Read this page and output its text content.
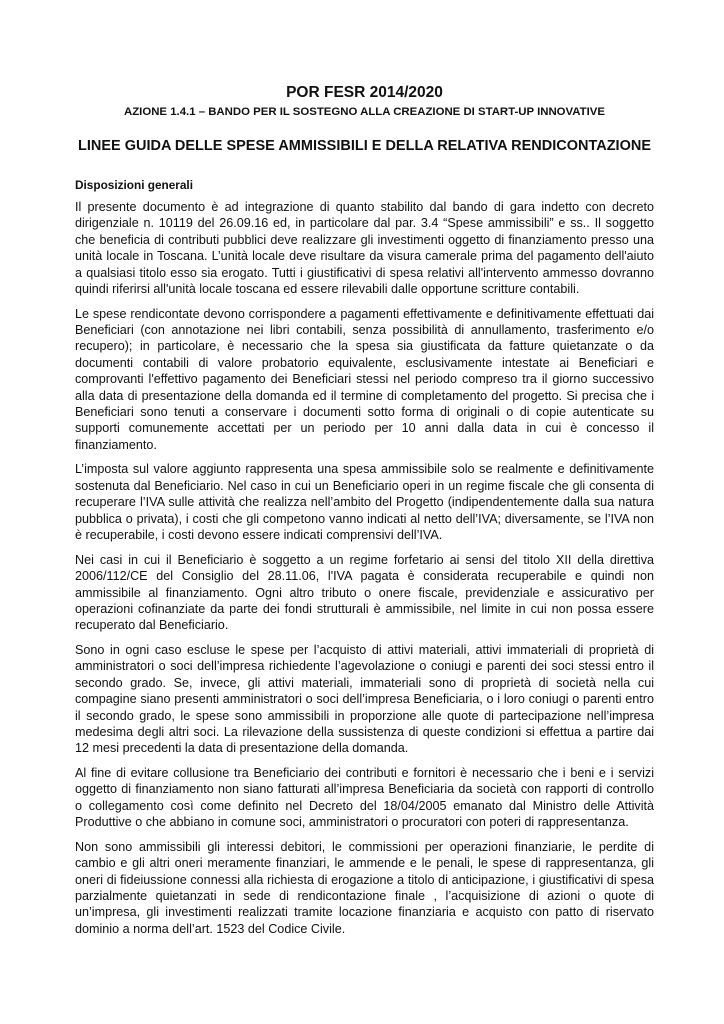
POR FESR 2014/2020
AZIONE 1.4.1 – BANDO PER IL SOSTEGNO ALLA CREAZIONE DI START-UP INNOVATIVE
LINEE GUIDA DELLE SPESE AMMISSIBILI E DELLA RELATIVA RENDICONTAZIONE
Disposizioni generali

Il presente documento è ad integrazione di quanto stabilito dal bando di gara indetto con decreto dirigenziale n. 10119 del 26.09.16 ed, in particolare dal par. 3.4 “Spese ammissibili” e ss.. Il soggetto che beneficia di contributi pubblici deve realizzare gli investimenti oggetto di finanziamento presso una unità locale in Toscana. L’unità locale deve risultare da visura camerale prima del pagamento dell'aiuto a qualsiasi titolo esso sia erogato. Tutti i giustificativi di spesa relativi all'intervento ammesso dovranno quindi riferirsi all'unità locale toscana ed essere rilevabili dalle opportune scritture contabili.

Le spese rendicontate devono corrispondere a pagamenti effettivamente e definitivamente effettuati dai Beneficiari (con annotazione nei libri contabili, senza possibilità di annullamento, trasferimento e/o recupero); in particolare, è necessario che la spesa sia giustificata da fatture quietanzate o da documenti contabili di valore probatorio equivalente, esclusivamente intestate ai Beneficiari e comprovanti l'effettivo pagamento dei Beneficiari stessi nel periodo compreso tra il giorno successivo alla data di presentazione della domanda ed il termine di completamento del progetto. Si precisa che i Beneficiari sono tenuti a conservare i documenti sotto forma di originali o di copie autenticate su supporti comunemente accettati per un periodo per 10 anni dalla data in cui è concesso il finanziamento.

L’imposta sul valore aggiunto rappresenta una spesa ammissibile solo se realmente e definitivamente sostenuta dal Beneficiario. Nel caso in cui un Beneficiario operi in un regime fiscale che gli consenta di recuperare l’IVA sulle attività che realizza nell’ambito del Progetto (indipendentemente dalla sua natura pubblica o privata), i costi che gli competono vanno indicati al netto dell’IVA; diversamente, se l’IVA non è recuperabile, i costi devono essere indicati comprensivi dell’IVA.

Nei casi in cui il Beneficiario è soggetto a un regime forfetario ai sensi del titolo XII della direttiva 2006/112/CE del Consiglio del 28.11.06, l'IVA pagata è considerata recuperabile e quindi non ammissibile al finanziamento. Ogni altro tributo o onere fiscale, previdenziale e assicurativo per operazioni cofinanziate da parte dei fondi strutturali è ammissibile, nel limite in cui non possa essere recuperato dal Beneficiario.

Sono in ogni caso escluse le spese per l’acquisto di attivi materiali, attivi immateriali di proprietà di amministratori o soci dell’impresa richiedente l’agevolazione o coniugi e parenti dei soci stessi entro il secondo grado. Se, invece, gli attivi materiali, immateriali sono di proprietà di società nella cui compagine siano presenti amministratori o soci dell’impresa Beneficiaria, o i loro coniugi o parenti entro il secondo grado, le spese sono ammissibili in proporzione alle quote di partecipazione nell’impresa medesima degli altri soci. La rilevazione della sussistenza di queste condizioni si effettua a partire dai 12 mesi precedenti la data di presentazione della domanda.

Al fine di evitare collusione tra Beneficiario dei contributi e fornitori è necessario che i beni e i servizi oggetto di finanziamento non siano fatturati all’impresa Beneficiaria da società con rapporti di controllo o collegamento così come definito nel Decreto del 18/04/2005 emanato dal Ministro delle Attività Produttive o che abbiano in comune soci, amministratori o procuratori con poteri di rappresentanza.

Non sono ammissibili gli interessi debitori, le commissioni per operazioni finanziarie, le perdite di cambio e gli altri oneri meramente finanziari, le ammende e le penali, le spese di rappresentanza, gli oneri di fideiussione connessi alla richiesta di erogazione a titolo di anticipazione, i giustificativi di spesa parzialmente quietanzati in sede di rendicontazione finale , l’acquisizione di azioni o quote di un’impresa, gli investimenti realizzati tramite locazione finanziaria e acquisto con patto di riservato dominio a norma dell’art. 1523 del Codice Civile.
